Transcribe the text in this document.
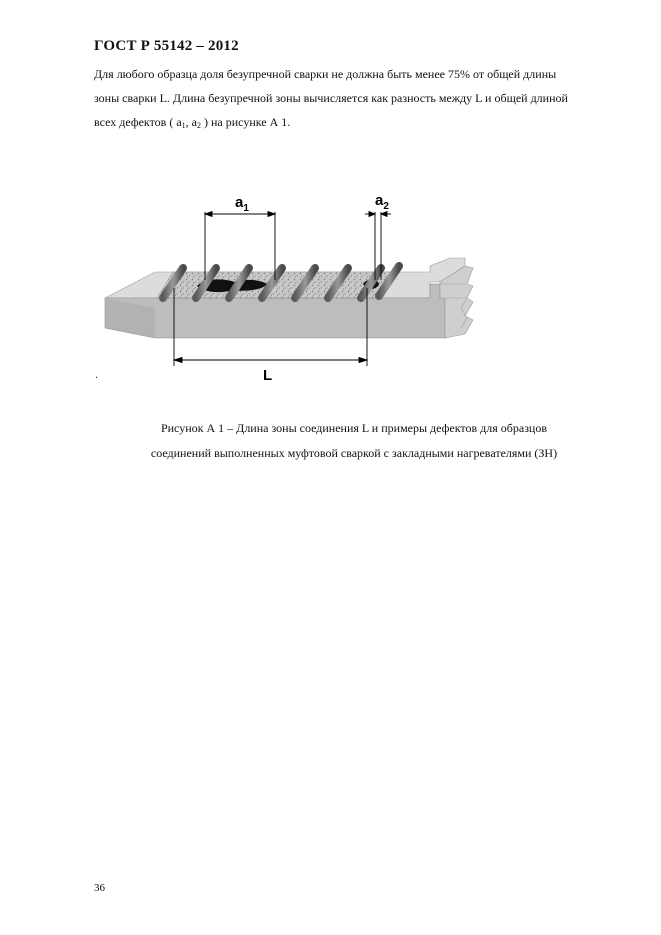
ГОСТ Р 55142 – 2012

Для любого образца доля безупречной сварки не должна быть менее 75% от общей длины

зоны сварки L. Длина безупречной зоны вычисляется как разность между L и общей длиной

всех дефектов ( $a_1$, $a_2$ ) на рисунке А 1.

$a_1$	$a_2$
L
.
Рисунок А 1 – Длина зоны соединения L и примеры дефектов для образцов
соединений выполненных муфтовой сваркой с закладными нагревателями (ЗН)
36
